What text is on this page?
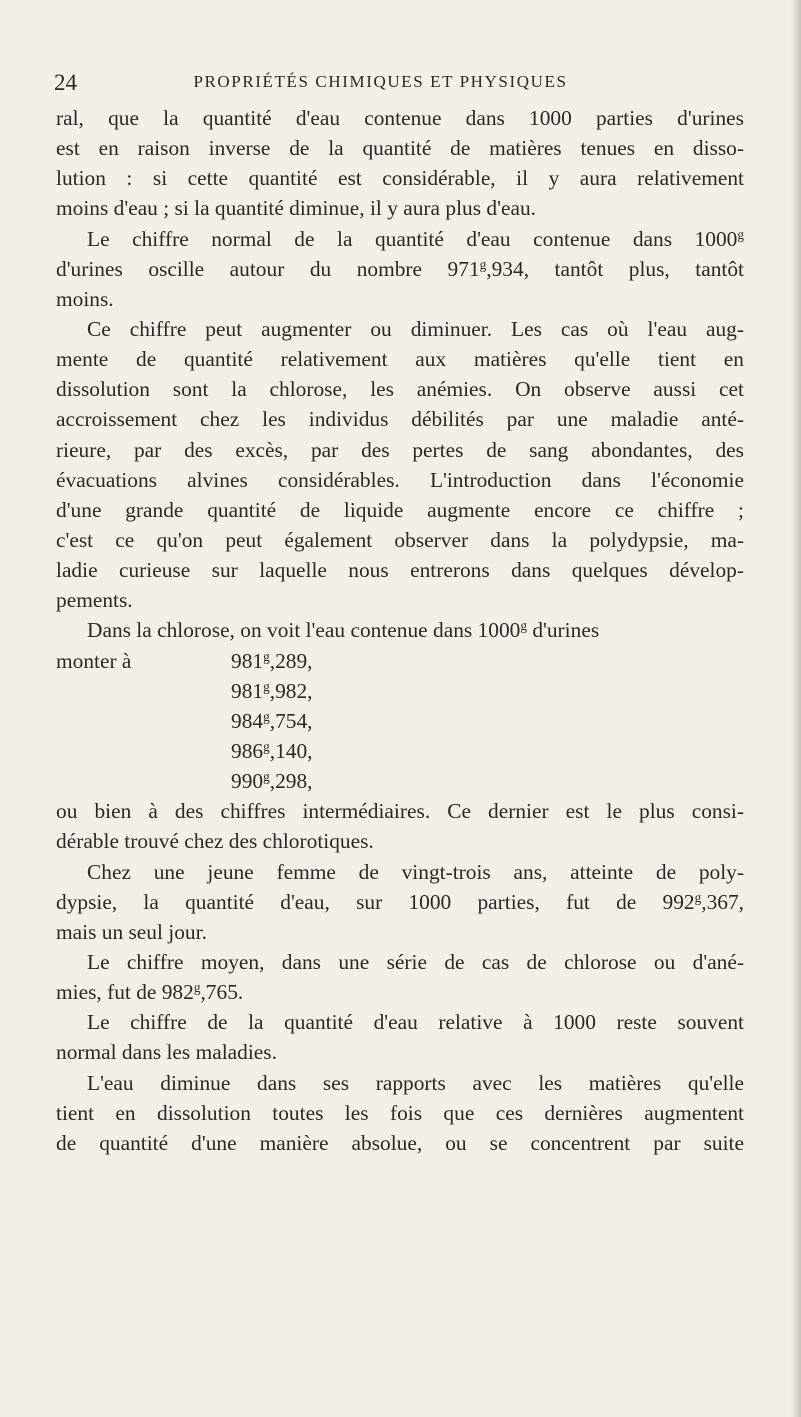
24	PROPRIÉTÉS CHIMIQUES ET PHYSIQUES
ral, que la quantité d'eau contenue dans 1000 parties d'urines
est en raison inverse de la quantité de matières tenues en disso-
lution : si cette quantité est considérable, il y aura relativement
moins d'eau ; si la quantité diminue, il y aura plus d'eau.
Le chiffre normal de la quantité d'eau contenue dans 1000$^g$
d'urines oscille autour du nombre 971$^g$,934, tantôt plus, tantôt
moins.
Ce chiffre peut augmenter ou diminuer. Les cas où l'eau aug-
mente de quantité relativement aux matières qu'elle tient en
dissolution sont la chlorose, les anémies. On observe aussi cet
accroissement chez les individus débilités par une maladie anté-
rieure, par des excès, par des pertes de sang abondantes, des
évacuations alvines considérables. L'introduction dans l'économie
d'une grande quantité de liquide augmente encore ce chiffre ;
c'est ce qu'on peut également observer dans la polydypsie, ma-
ladie curieuse sur laquelle nous entrerons dans quelques dévelop-
pements.
Dans la chlorose, on voit l'eau contenue dans 1000$^g$ d'urines
monter à	981$^g$,289,
981$^g$,982,
984$^g$,754,
986$^g$,140,
990$^g$,298,
ou bien à des chiffres intermédiaires. Ce dernier est le plus consi-
dérable trouvé chez des chlorotiques.
Chez une jeune femme de vingt-trois ans, atteinte de poly-
dypsie, la quantité d'eau, sur 1000 parties, fut de 992$^g$,367,
mais un seul jour.
Le chiffre moyen, dans une série de cas de chlorose ou d'ané-
mies, fut de 982$^g$,765.
Le chiffre de la quantité d'eau relative à 1000 reste souvent
normal dans les maladies.
L'eau diminue dans ses rapports avec les matières qu'elle
tient en dissolution toutes les fois que ces dernières augmentent
de quantité d'une manière absolue, ou se concentrent par suite
